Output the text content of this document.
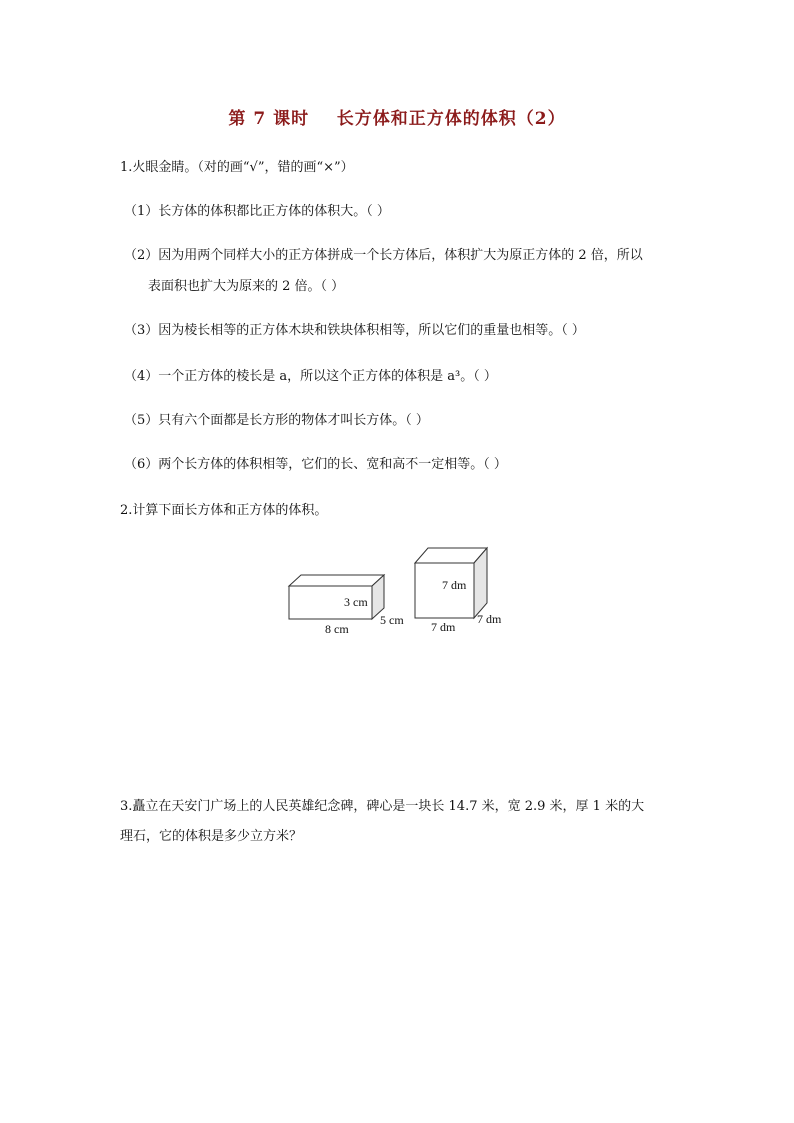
第 7 课时    长方体和正方体的体积（2）
1.火眼金睛。（对的画“√”，错的画“×”）
（1）长方体的体积都比正方体的体积大。（ ）
（2）因为用两个同样大小的正方体拼成一个长方体后，体积扩大为原正方体的 2 倍，所以
表面积也扩大为原来的 2 倍。（ ）
（3）因为棱长相等的正方体木块和铁块体积相等，所以它们的重量也相等。（ ）
（4）一个正方体的棱长是 a，所以这个正方体的体积是 a³。（ ）
（5）只有六个面都是长方形的物体才叫长方体。（ ）
（6）两个长方体的体积相等，它们的长、宽和高不一定相等。（ ）
2.计算下面长方体和正方体的体积。
3 cm
8 cm
5 cm
7 dm
7 dm
7 dm
3.矗立在天安门广场上的人民英雄纪念碑，碑心是一块长 14.7 米，宽 2.9 米，厚 1 米的大
理石，它的体积是多少立方米？
